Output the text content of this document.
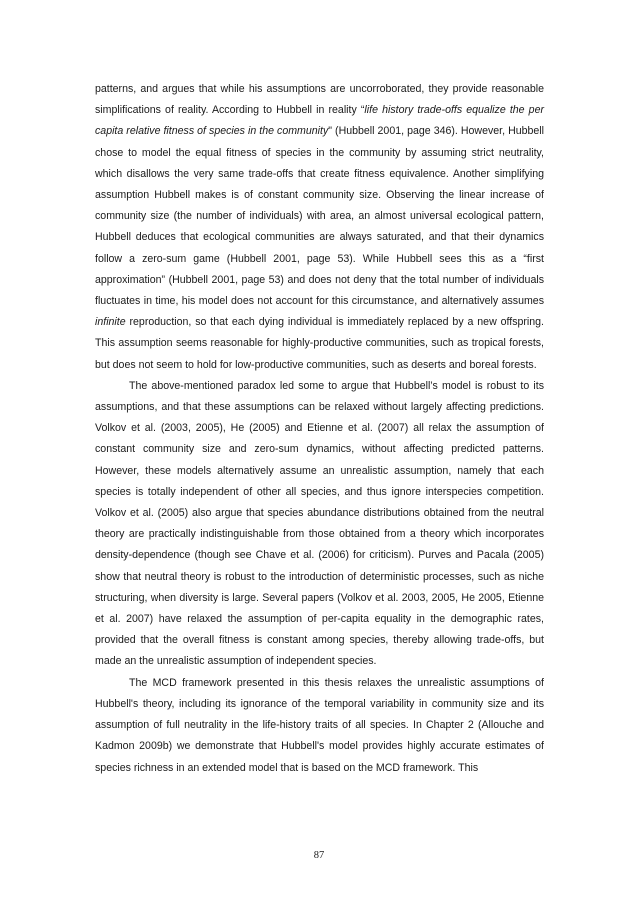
patterns, and argues that while his assumptions are uncorroborated, they provide reasonable simplifications of reality. According to Hubbell in reality “life history trade-offs equalize the per capita relative fitness of species in the community" (Hubbell 2001, page 346). However, Hubbell chose to model the equal fitness of species in the community by assuming strict neutrality, which disallows the very same trade-offs that create fitness equivalence. Another simplifying assumption Hubbell makes is of constant community size. Observing the linear increase of community size (the number of individuals) with area, an almost universal ecological pattern, Hubbell deduces that ecological communities are always saturated, and that their dynamics follow a zero-sum game (Hubbell 2001, page 53). While Hubbell sees this as a “first approximation” (Hubbell 2001, page 53) and does not deny that the total number of individuals fluctuates in time, his model does not account for this circumstance, and alternatively assumes infinite reproduction, so that each dying individual is immediately replaced by a new offspring. This assumption seems reasonable for highly-productive communities, such as tropical forests, but does not seem to hold for low-productive communities, such as deserts and boreal forests.

The above-mentioned paradox led some to argue that Hubbell’s model is robust to its assumptions, and that these assumptions can be relaxed without largely affecting predictions. Volkov et al. (2003, 2005), He (2005) and Etienne et al. (2007) all relax the assumption of constant community size and zero-sum dynamics, without affecting predicted patterns. However, these models alternatively assume an unrealistic assumption, namely that each species is totally independent of other all species, and thus ignore interspecies competition. Volkov et al. (2005) also argue that species abundance distributions obtained from the neutral theory are practically indistinguishable from those obtained from a theory which incorporates density-dependence (though see Chave et al. (2006) for criticism). Purves and Pacala (2005) show that neutral theory is robust to the introduction of deterministic processes, such as niche structuring, when diversity is large. Several papers (Volkov et al. 2003, 2005, He 2005, Etienne et al. 2007) have relaxed the assumption of per-capita equality in the demographic rates, provided that the overall fitness is constant among species, thereby allowing trade-offs, but made an the unrealistic assumption of independent species.

The MCD framework presented in this thesis relaxes the unrealistic assumptions of Hubbell's theory, including its ignorance of the temporal variability in community size and its assumption of full neutrality in the life-history traits of all species. In Chapter 2 (Allouche and Kadmon 2009b) we demonstrate that Hubbell's model provides highly accurate estimates of species richness in an extended model that is based on the MCD framework. This

87
